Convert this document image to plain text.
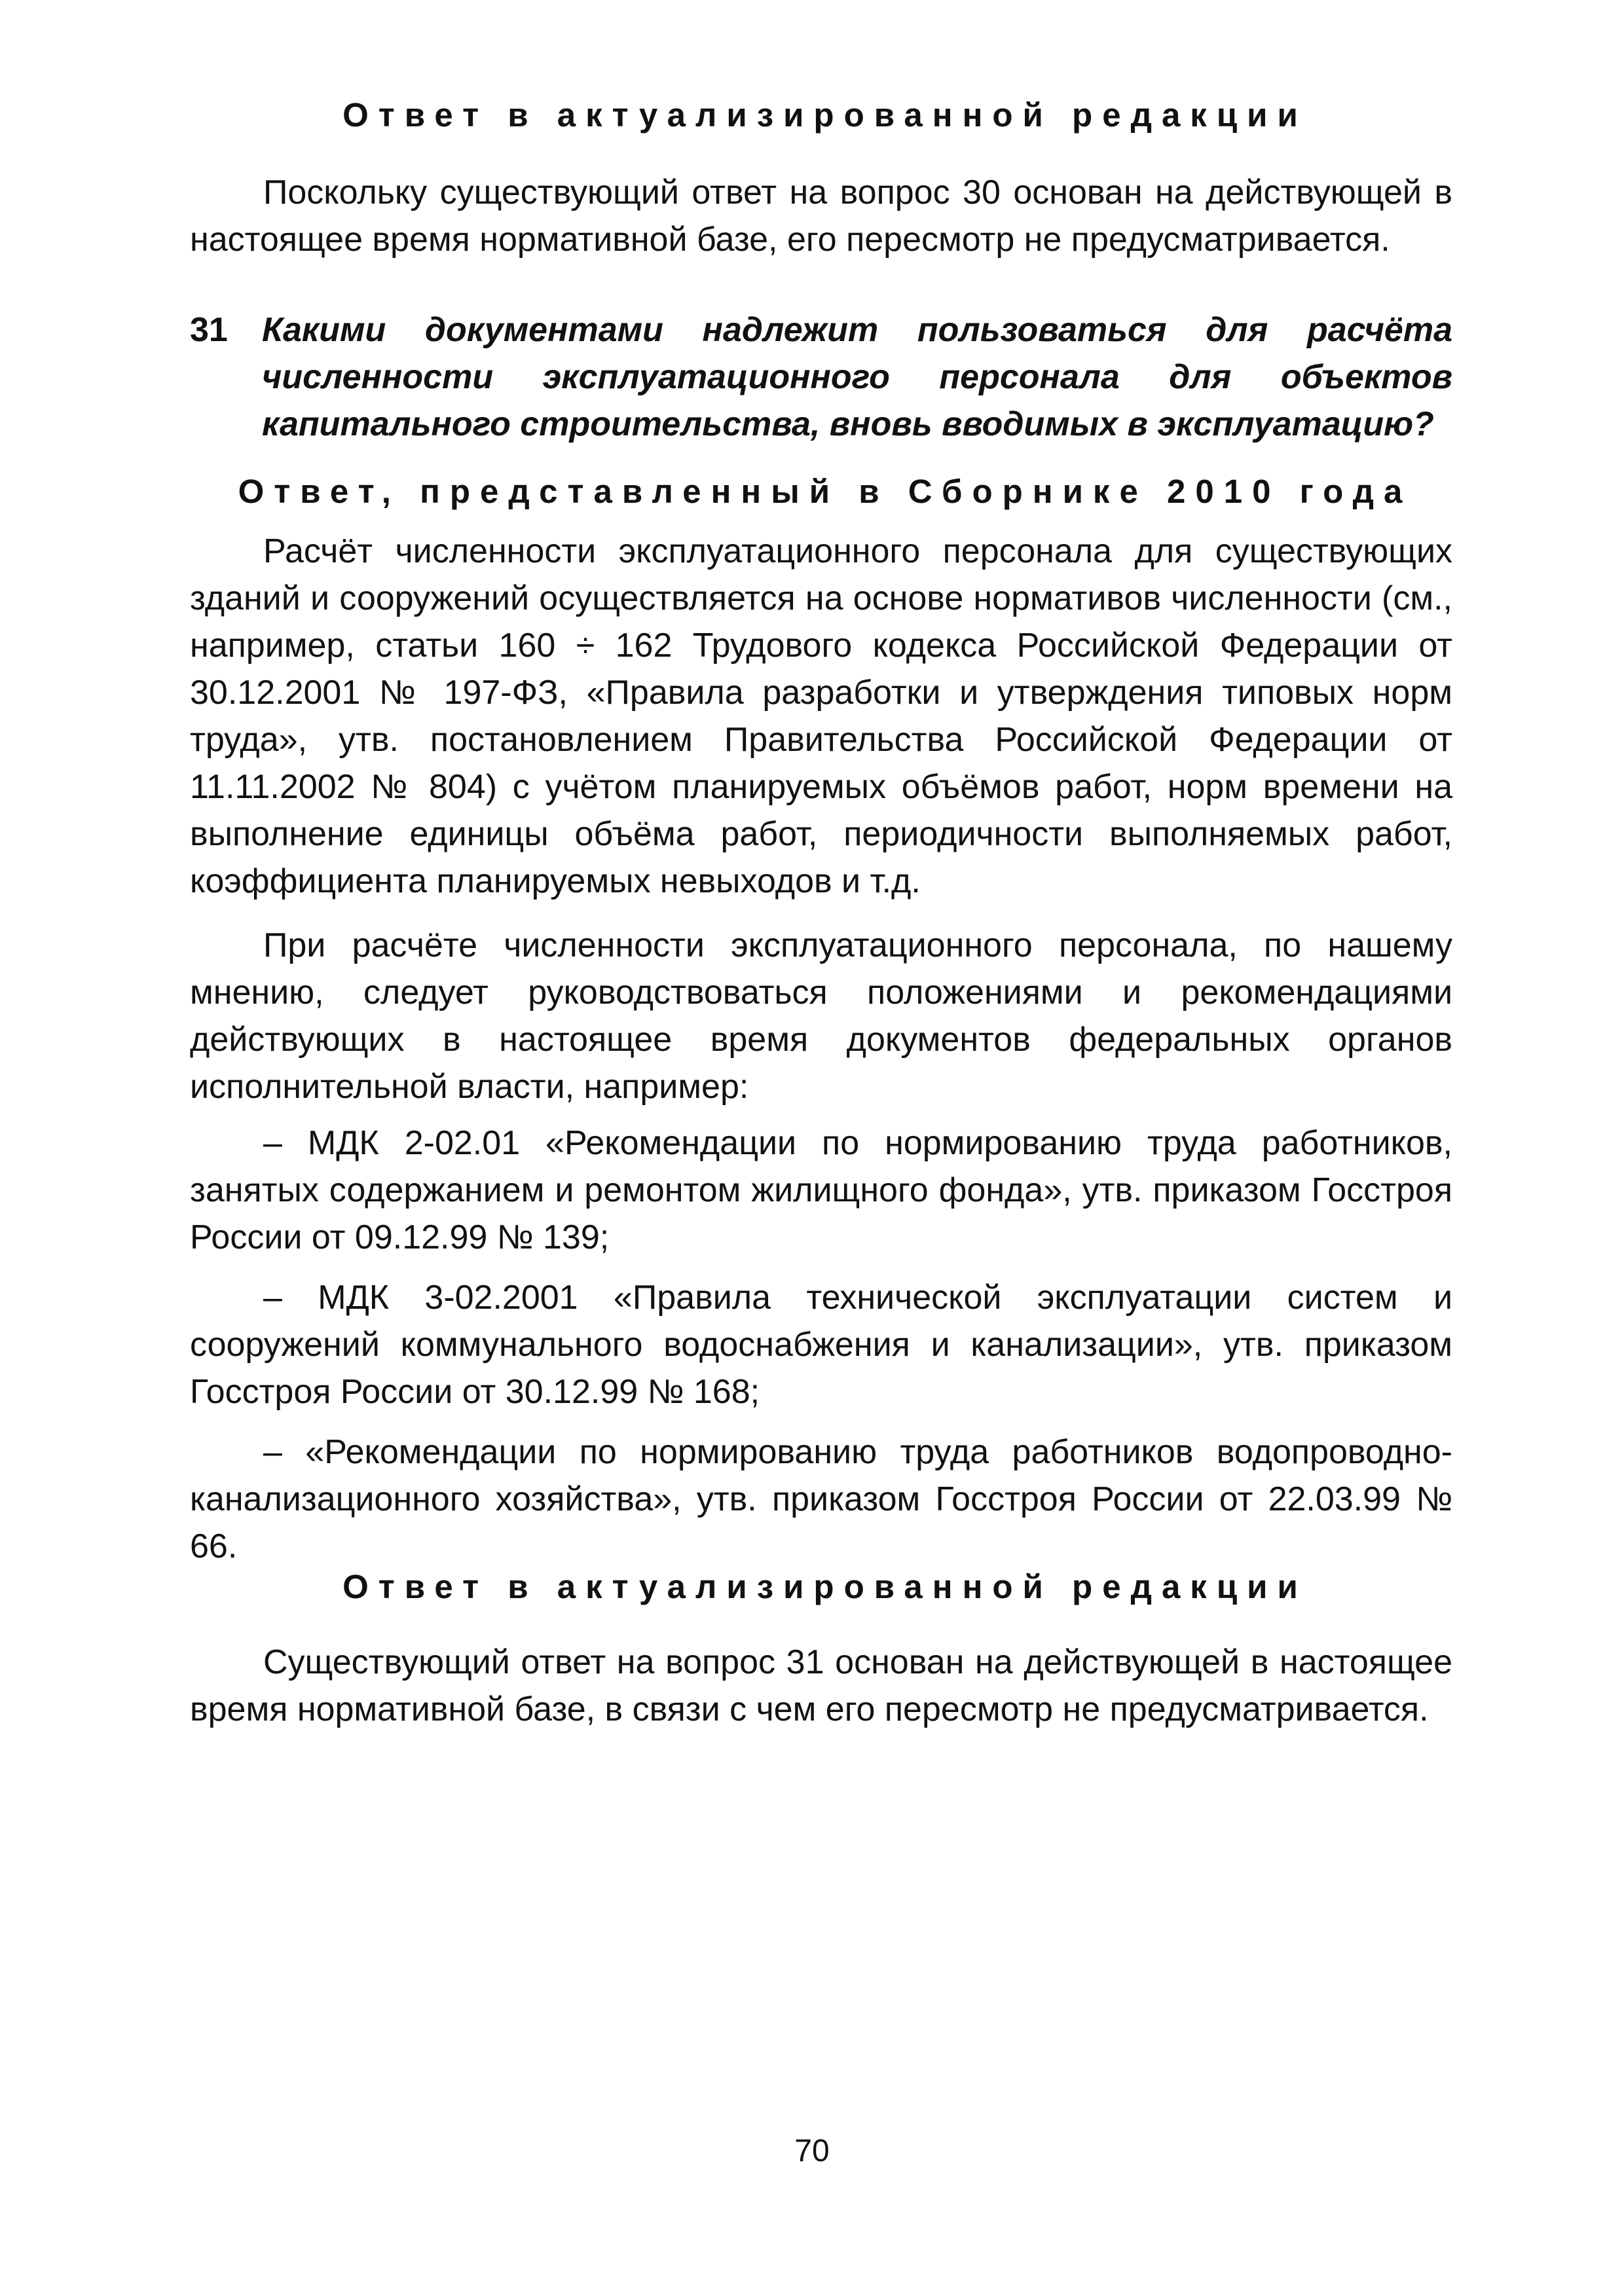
Ответ в актуализированной редакции

Поскольку существующий ответ на вопрос 30 основан на действующей в настоящее время нормативной базе, его пересмотр не предусматривается.

31 Какими документами надлежит пользоваться для расчёта численности эксплуатационного персонала для объектов капитального строительства, вновь вводимых в эксплуатацию?

Ответ, представленный в Сборнике 2010 года

Расчёт численности эксплуатационного персонала для существующих зданий и сооружений осуществляется на основе нормативов численности (см., например, статьи 160 ÷ 162 Трудового кодекса Российской Федерации от 30.12.2001 № 197-ФЗ, «Правила разработки и утверждения типовых норм труда», утв. постановлением Правительства Российской Федерации от 11.11.2002 № 804) с учётом планируемых объёмов работ, норм времени на выполнение единицы объёма работ, периодичности выполняемых работ, коэффициента планируемых невыходов и т.д.

При расчёте численности эксплуатационного персонала, по нашему мнению, следует руководствоваться положениями и рекомендациями действующих в настоящее время документов федеральных органов исполнительной власти, например:

– МДК 2-02.01 «Рекомендации по нормированию труда работников, занятых содержанием и ремонтом жилищного фонда», утв. приказом Госстроя России от 09.12.99 № 139;

– МДК 3-02.2001 «Правила технической эксплуатации систем и сооружений коммунального водоснабжения и канализации», утв. приказом Госстроя России от 30.12.99 № 168;

– «Рекомендации по нормированию труда работников водопроводно-канализационного хозяйства», утв. приказом Госстроя России от 22.03.99 № 66.

Ответ в актуализированной редакции

Существующий ответ на вопрос 31 основан на действующей в настоящее время нормативной базе, в связи с чем его пересмотр не предусматривается.

70
